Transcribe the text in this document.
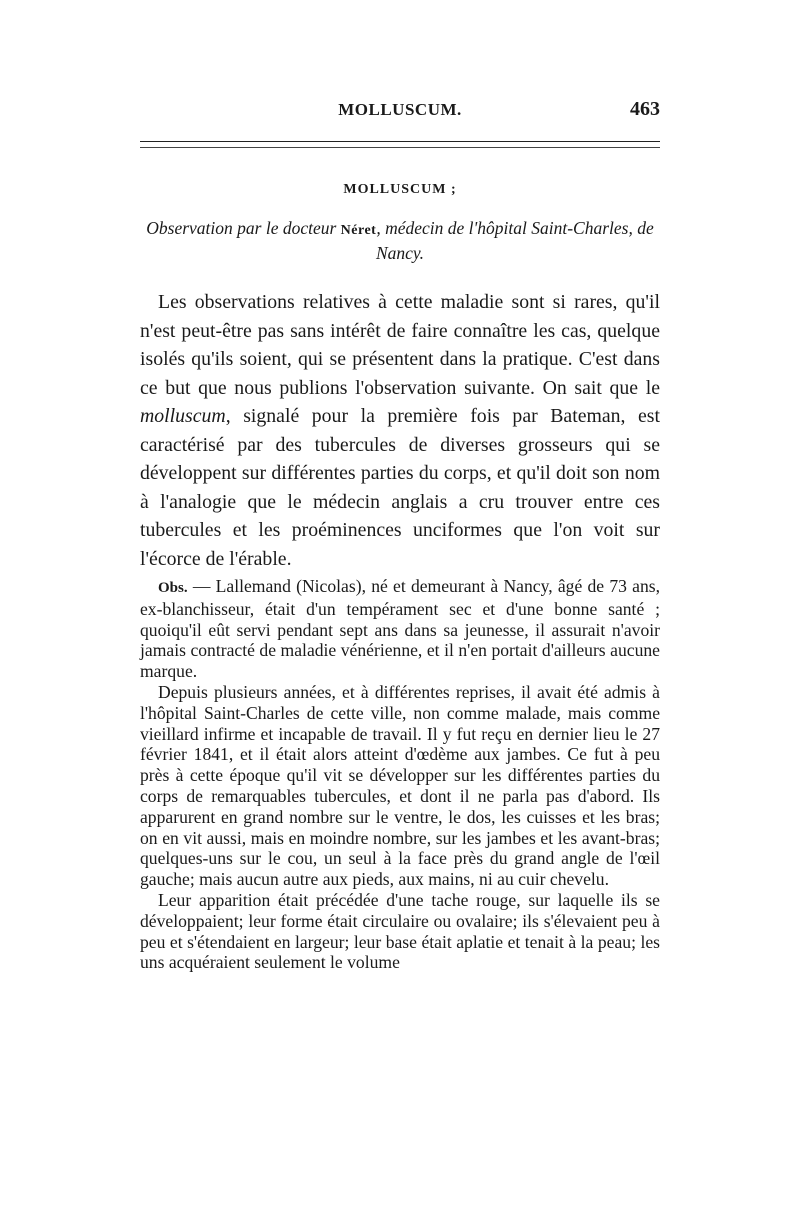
MOLLUSCUM.	463
MOLLUSCUM ;
Observation par le docteur Néret, médecin de l'hôpital Saint-Charles, de Nancy.

Les observations relatives à cette maladie sont si rares, qu'il n'est peut-être pas sans intérêt de faire connaître les cas, quelque isolés qu'ils soient, qui se présentent dans la pratique. C'est dans ce but que nous publions l'observation suivante. On sait que le molluscum, signalé pour la première fois par Bateman, est caractérisé par des tubercules de diverses grosseurs qui se développent sur différentes parties du corps, et qu'il doit son nom à l'analogie que le médecin anglais a cru trouver entre ces tubercules et les proéminences unciformes que l'on voit sur l'écorce de l'érable.

Obs. — Lallemand (Nicolas), né et demeurant à Nancy, âgé de 73 ans, ex-blanchisseur, était d'un tempérament sec et d'une bonne santé ; quoiqu'il eût servi pendant sept ans dans sa jeunesse, il assurait n'avoir jamais contracté de maladie vénérienne, et il n'en portait d'ailleurs aucune marque.

Depuis plusieurs années, et à différentes reprises, il avait été admis à l'hôpital Saint-Charles de cette ville, non comme malade, mais comme vieillard infirme et incapable de travail. Il y fut reçu en dernier lieu le 27 février 1841, et il était alors atteint d'œdème aux jambes. Ce fut à peu près à cette époque qu'il vit se développer sur les différentes parties du corps de remarquables tubercules, et dont il ne parla pas d'abord. Ils apparurent en grand nombre sur le ventre, le dos, les cuisses et les bras; on en vit aussi, mais en moindre nombre, sur les jambes et les avant-bras; quelques-uns sur le cou, un seul à la face près du grand angle de l'œil gauche; mais aucun autre aux pieds, aux mains, ni au cuir chevelu.

Leur apparition était précédée d'une tache rouge, sur laquelle ils se développaient; leur forme était circulaire ou ovalaire; ils s'élevaient peu à peu et s'étendaient en largeur; leur base était aplatie et tenait à la peau; les uns acquéraient seulement le volume
